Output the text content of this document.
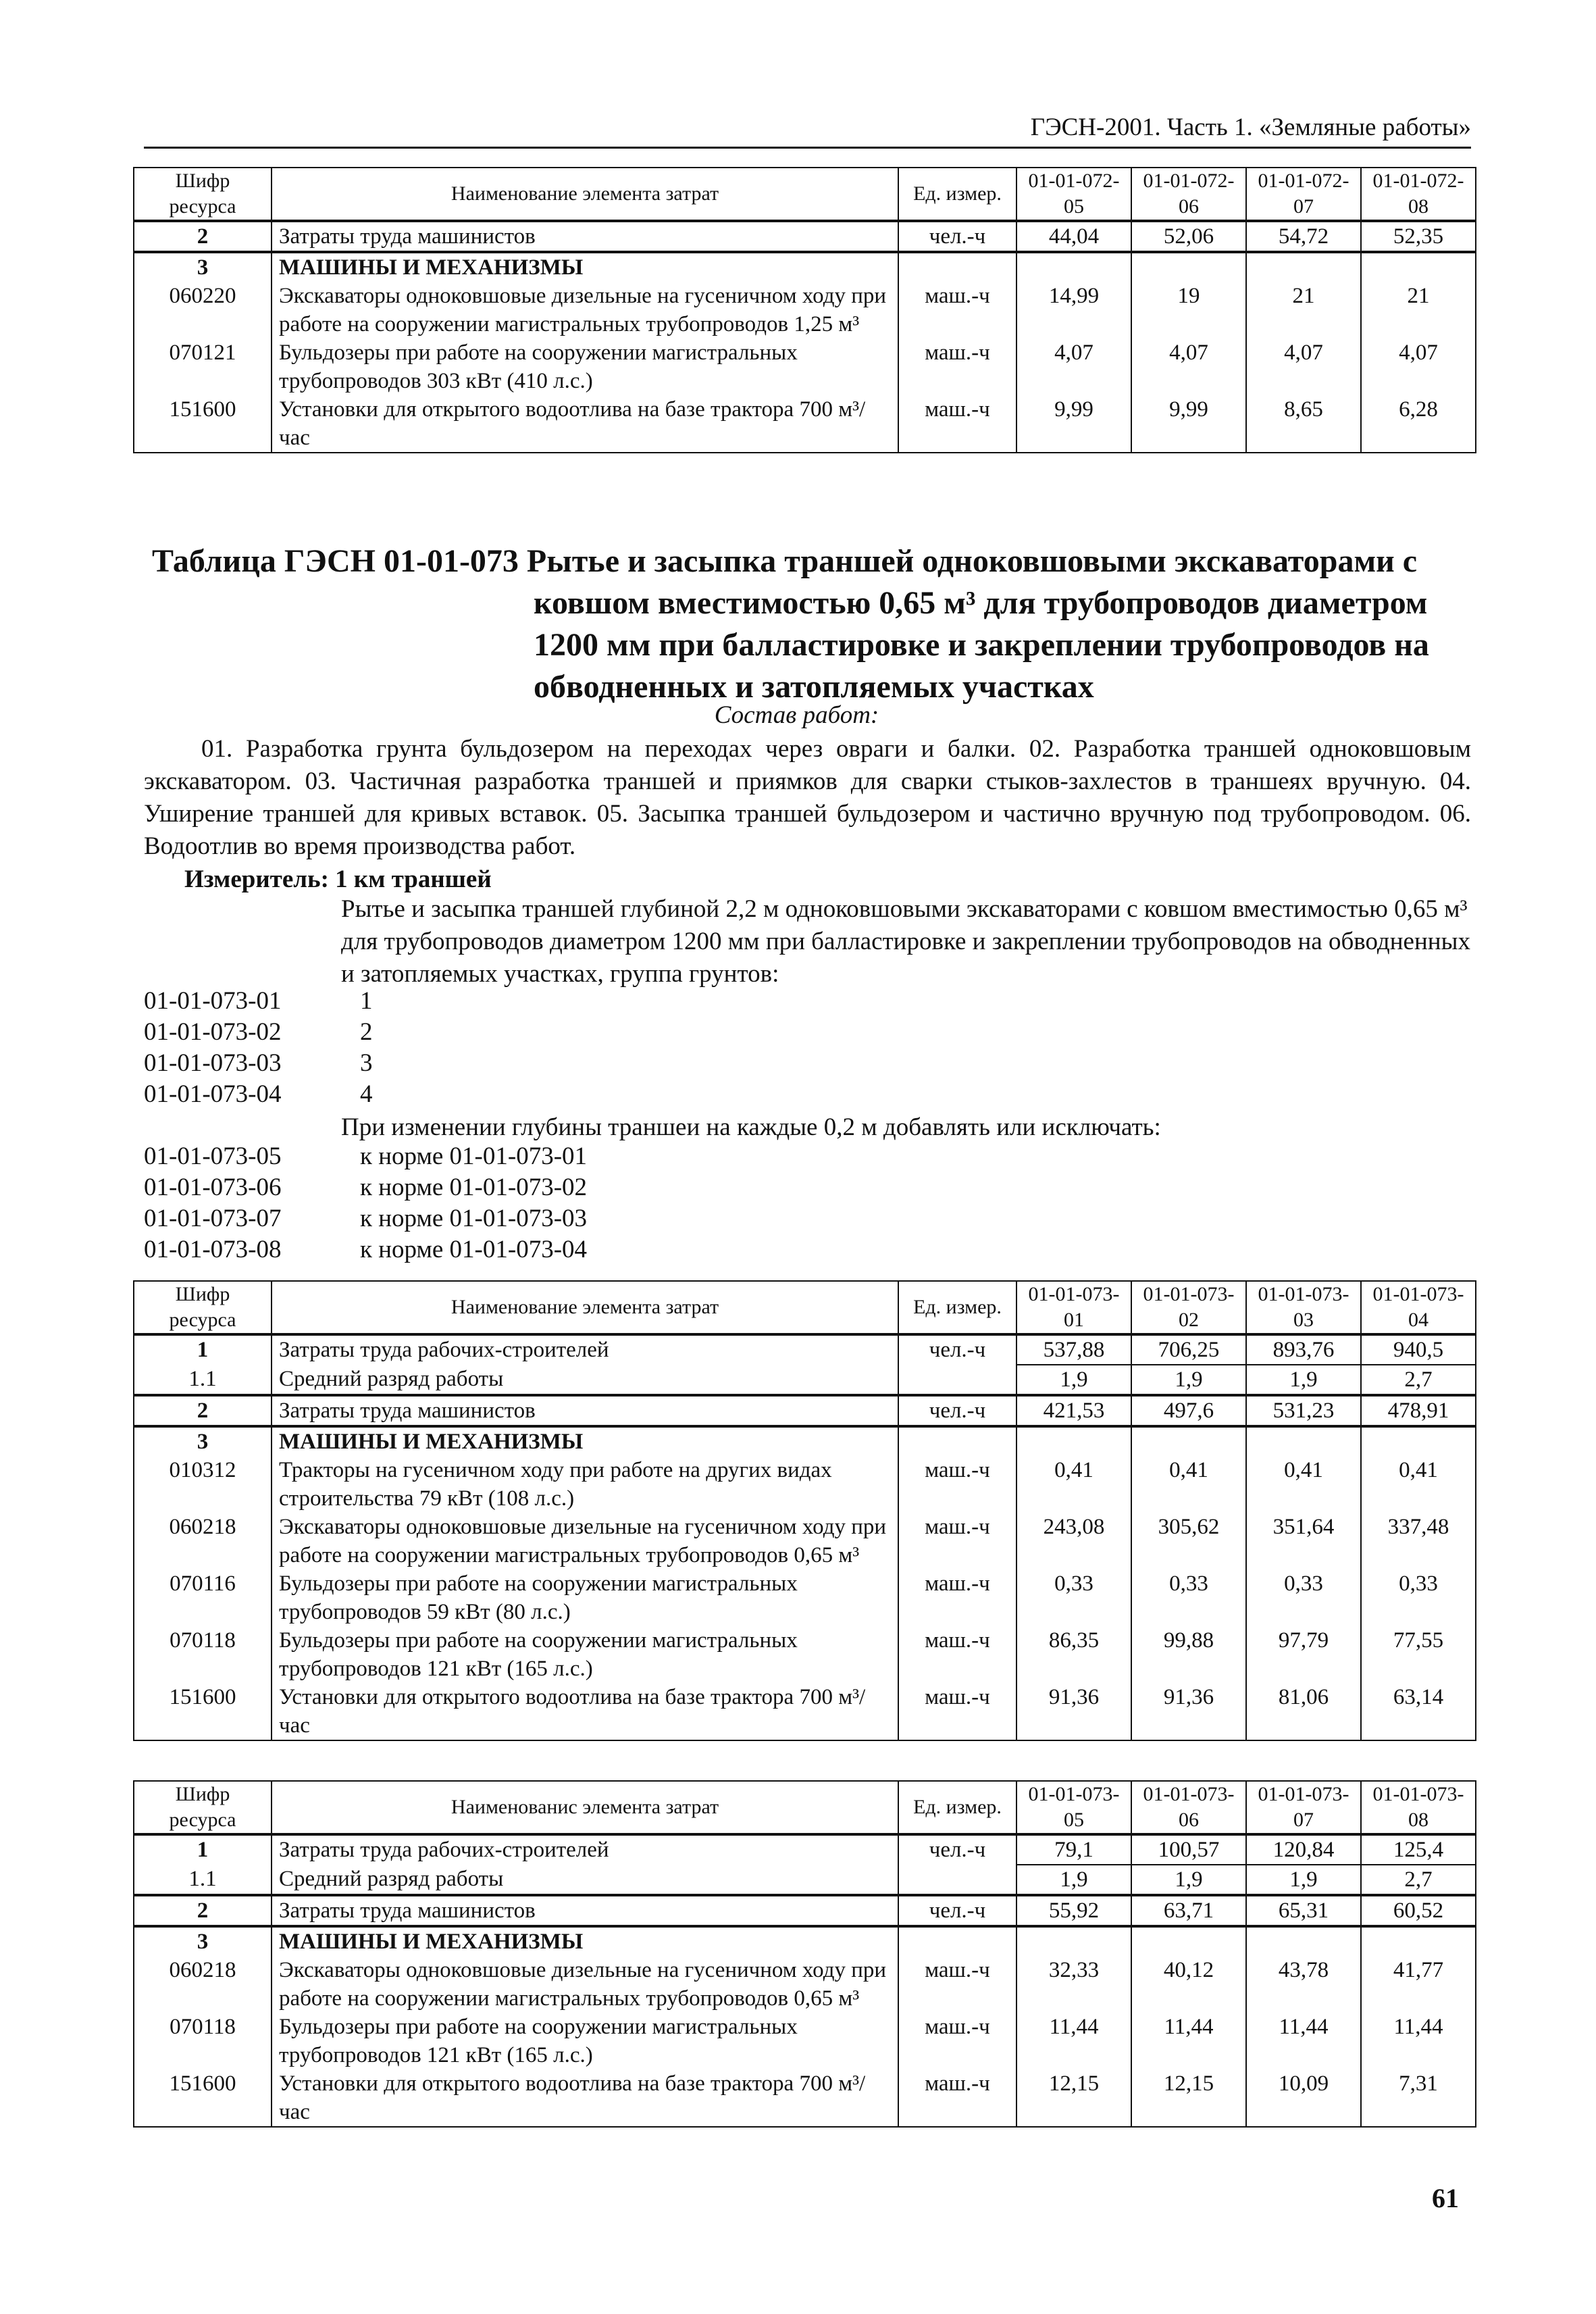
ГЭСН-2001. Часть 1. «Земляные работы»
Шифр ресурса	Наименование элемента затрат	Ед. измер.	01-01-072-05	01-01-072-06	01-01-072-07	01-01-072-08
2	Затраты труда машинистов	чел.-ч	44,04	52,06	54,72	52,35
3	МАШИНЫ И МЕХАНИЗМЫ					
060220	Экскаваторы одноковшовые дизельные на гусеничном ходу при работе на сооружении магистральных трубопроводов 1,25 м³	маш.-ч	14,99	19	21	21
070121	Бульдозеры при работе на сооружении магистральных трубопроводов 303 кВт (410 л.с.)	маш.-ч	4,07	4,07	4,07	4,07
151600	Установки для открытого водоотлива на базе трактора 700 м³/час	маш.-ч	9,99	9,99	8,65	6,28
Таблица ГЭСН 01-01-073 Рытье и засыпка траншей одноковшовыми экскаваторами с
ковшом вместимостью 0,65 м³ для трубопроводов диаметром
1200 мм при балластировке и закреплении трубопроводов на
обводненных и затопляемых участках
Состав работ:
01. Разработка грунта бульдозером на переходах через овраги и балки. 02. Разработка траншей одноковшовым экскаватором. 03. Частичная разработка траншей и приямков для сварки стыков-захлестов в траншеях вручную. 04. Уширение траншей для кривых вставок. 05. Засыпка траншей бульдозером и частично вручную под трубопроводом. 06. Водоотлив во время производства работ.
Измеритель: 1 км траншей
Рытье и засыпка траншей глубиной 2,2 м одноковшовыми экскаваторами с ковшом вместимостью 0,65 м³ для трубопроводов диаметром 1200 мм при балластировке и закреплении трубопроводов на обводненных и затопляемых участках, группа грунтов:
01-01-073-01	1
01-01-073-02	2
01-01-073-03	3
01-01-073-04	4
При изменении глубины траншеи на каждые 0,2 м добавлять или исключать:
01-01-073-05	к норме 01-01-073-01
01-01-073-06	к норме 01-01-073-02
01-01-073-07	к норме 01-01-073-03
01-01-073-08	к норме 01-01-073-04
Шифр ресурса	Наименование элемента затрат	Ед. измер.	01-01-073-01	01-01-073-02	01-01-073-03	01-01-073-04
1	Затраты труда рабочих-строителей	чел.-ч	537,88	706,25	893,76	940,5
1.1	Средний разряд работы		1,9	1,9	1,9	2,7
2	Затраты труда машинистов	чел.-ч	421,53	497,6	531,23	478,91
3	МАШИНЫ И МЕХАНИЗМЫ					
010312	Тракторы на гусеничном ходу при работе на других видах строительства 79 кВт (108 л.с.)	маш.-ч	0,41	0,41	0,41	0,41
060218	Экскаваторы одноковшовые дизельные на гусеничном ходу при работе на сооружении магистральных трубопроводов 0,65 м³	маш.-ч	243,08	305,62	351,64	337,48
070116	Бульдозеры при работе на сооружении магистральных трубопроводов 59 кВт (80 л.с.)	маш.-ч	0,33	0,33	0,33	0,33
070118	Бульдозеры при работе на сооружении магистральных трубопроводов 121 кВт (165 л.с.)	маш.-ч	86,35	99,88	97,79	77,55
151600	Установки для открытого водоотлива на базе трактора 700 м³/час	маш.-ч	91,36	91,36	81,06	63,14
Шифр ресурса	Наименованис элемента затрат	Ед. измер.	01-01-073-05	01-01-073-06	01-01-073-07	01-01-073-08
1	Затраты труда рабочих-строителей	чел.-ч	79,1	100,57	120,84	125,4
1.1	Средний разряд работы		1,9	1,9	1,9	2,7
2	Затраты труда машинистов	чел.-ч	55,92	63,71	65,31	60,52
3	МАШИНЫ И МЕХАНИЗМЫ					
060218	Экскаваторы одноковшовые дизельные на гусеничном ходу при работе на сооружении магистральных трубопроводов 0,65 м³	маш.-ч	32,33	40,12	43,78	41,77
070118	Бульдозеры при работе на сооружении магистральных трубопроводов 121 кВт (165 л.с.)	маш.-ч	11,44	11,44	11,44	11,44
151600	Установки для открытого водоотлива на базе трактора 700 м³/час	маш.-ч	12,15	12,15	10,09	7,31
61
